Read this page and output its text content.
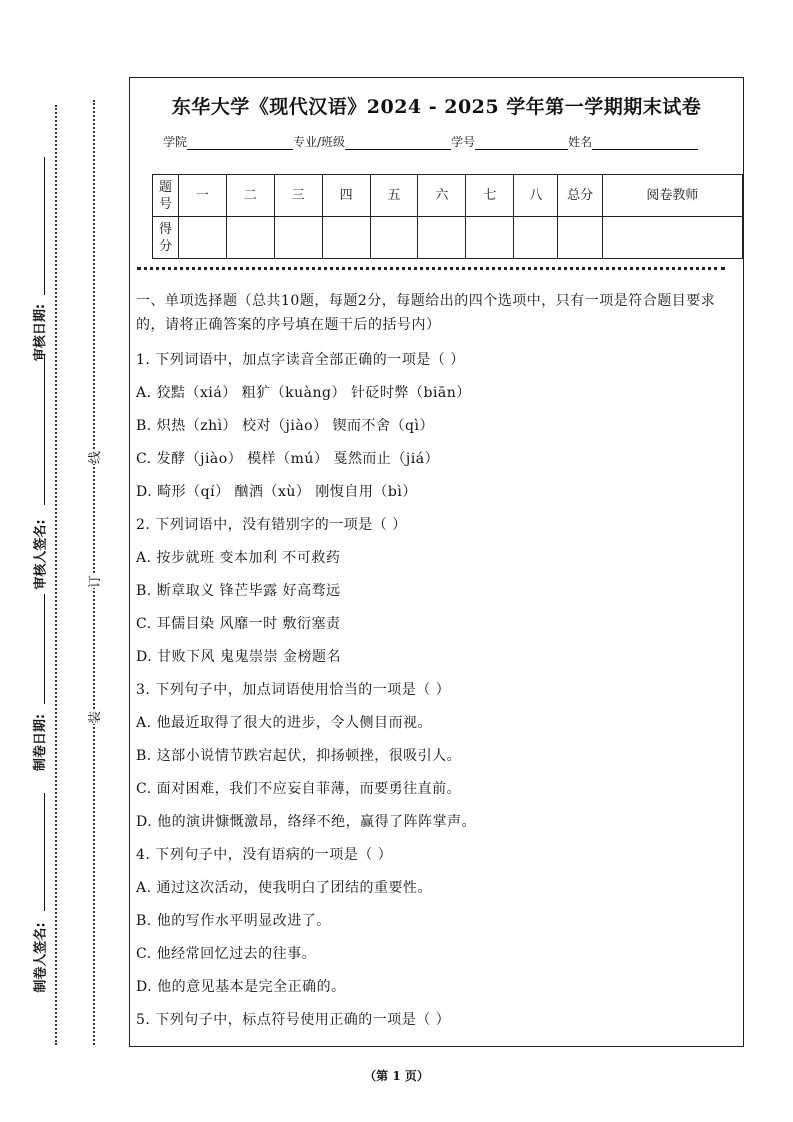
审核日期:
审核人签名:
制卷日期:
制卷人签名:
线
订
装
东华大学《现代汉语》2024 - 2025 学年第一学期期末试卷
学院	专业/班级	学号	姓名
题号	一	二	三	四	五	六	七	八	总分	阅卷教师
得分										

一、单项选择题（总共10题，每题2分，每题给出的四个选项中，只有一项是符合题目要求的，请将正确答案的序号填在题干后的括号内）

1. 下列词语中，加点字读音全部正确的一项是（ ）

A. 狡黠（xiá） 粗犷（kuàng） 针砭时弊（biān）

B. 炽热（zhì） 校对（jiào） 锲而不舍（qì）

C. 发酵（jiào） 模样（mú） 戛然而止（jiá）

D. 畸形（qí） 酗酒（xù） 刚愎自用（bì）

2. 下列词语中，没有错别字的一项是（ ）

A. 按步就班 变本加利 不可救药

B. 断章取义 锋芒毕露 好高骛远

C. 耳儒目染 风靡一时 敷衍塞责

D. 甘败下风 鬼鬼崇崇 金榜题名

3. 下列句子中，加点词语使用恰当的一项是（ ）

A. 他最近取得了很大的进步，令人侧目而视。

B. 这部小说情节跌宕起伏，抑扬顿挫，很吸引人。

C. 面对困难，我们不应妄自菲薄，而要勇往直前。

D. 他的演讲慷慨激昂，络绎不绝，赢得了阵阵掌声。

4. 下列句子中，没有语病的一项是（ ）

A. 通过这次活动，使我明白了团结的重要性。

B. 他的写作水平明显改进了。

C. 他经常回忆过去的往事。

D. 他的意见基本是完全正确的。

5. 下列句子中，标点符号使用正确的一项是（ ）

（第 1 页）
